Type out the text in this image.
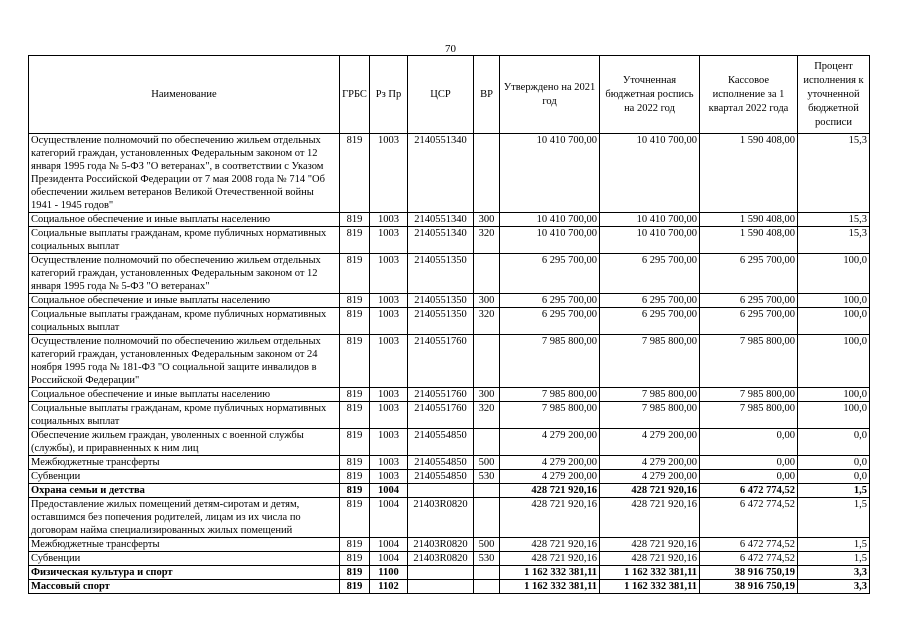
70
Наименование	ГРБС	Рз Пр	ЦСР	ВР	Утверждено на 2021 год	Уточненная бюджетная роспись на 2022 год	Кассовое исполнение за 1 квартал 2022 года	Процент исполнения к уточненной бюджетной росписи
Осуществление полномочий по обеспечению жильем отдельных категорий граждан, установленных Федеральным законом от 12 января 1995 года № 5-ФЗ "О ветеранах", в соответствии с Указом Президента Российской Федерации от 7 мая 2008 года № 714 "Об обеспечении жильем ветеранов Великой Отечественной войны 1941 - 1945 годов"	819	1003	2140551340		10 410 700,00	10 410 700,00	1 590 408,00	15,3
Социальное обеспечение и иные выплаты населению	819	1003	2140551340	300	10 410 700,00	10 410 700,00	1 590 408,00	15,3
Социальные выплаты гражданам, кроме публичных нормативных социальных выплат	819	1003	2140551340	320	10 410 700,00	10 410 700,00	1 590 408,00	15,3
Осуществление полномочий по обеспечению жильем отдельных категорий граждан, установленных Федеральным законом от 12 января 1995 года № 5-ФЗ "О ветеранах"	819	1003	2140551350		6 295 700,00	6 295 700,00	6 295 700,00	100,0
Социальное обеспечение и иные выплаты населению	819	1003	2140551350	300	6 295 700,00	6 295 700,00	6 295 700,00	100,0
Социальные выплаты гражданам, кроме публичных нормативных социальных выплат	819	1003	2140551350	320	6 295 700,00	6 295 700,00	6 295 700,00	100,0
Осуществление полномочий по обеспечению жильем отдельных категорий граждан, установленных Федеральным законом от 24 ноября 1995 года № 181-ФЗ "О социальной защите инвалидов в Российской Федерации"	819	1003	2140551760		7 985 800,00	7 985 800,00	7 985 800,00	100,0
Социальное обеспечение и иные выплаты населению	819	1003	2140551760	300	7 985 800,00	7 985 800,00	7 985 800,00	100,0
Социальные выплаты гражданам, кроме публичных нормативных социальных выплат	819	1003	2140551760	320	7 985 800,00	7 985 800,00	7 985 800,00	100,0
Обеспечение жильем граждан, уволенных с военной службы (службы), и приравненных к ним лиц	819	1003	2140554850		4 279 200,00	4 279 200,00	0,00	0,0
Межбюджетные трансферты	819	1003	2140554850	500	4 279 200,00	4 279 200,00	0,00	0,0
Субвенции	819	1003	2140554850	530	4 279 200,00	4 279 200,00	0,00	0,0
Охрана семьи и детства	819	1004			428 721 920,16	428 721 920,16	6 472 774,52	1,5
Предоставление жилых помещений детям-сиротам и детям, оставшимся без попечения родителей, лицам из их числа по договорам найма специализированных жилых помещений	819	1004	21403R0820		428 721 920,16	428 721 920,16	6 472 774,52	1,5
Межбюджетные трансферты	819	1004	21403R0820	500	428 721 920,16	428 721 920,16	6 472 774,52	1,5
Субвенции	819	1004	21403R0820	530	428 721 920,16	428 721 920,16	6 472 774,52	1,5
Физическая культура и спорт	819	1100			1 162 332 381,11	1 162 332 381,11	38 916 750,19	3,3
Массовый спорт	819	1102			1 162 332 381,11	1 162 332 381,11	38 916 750,19	3,3
